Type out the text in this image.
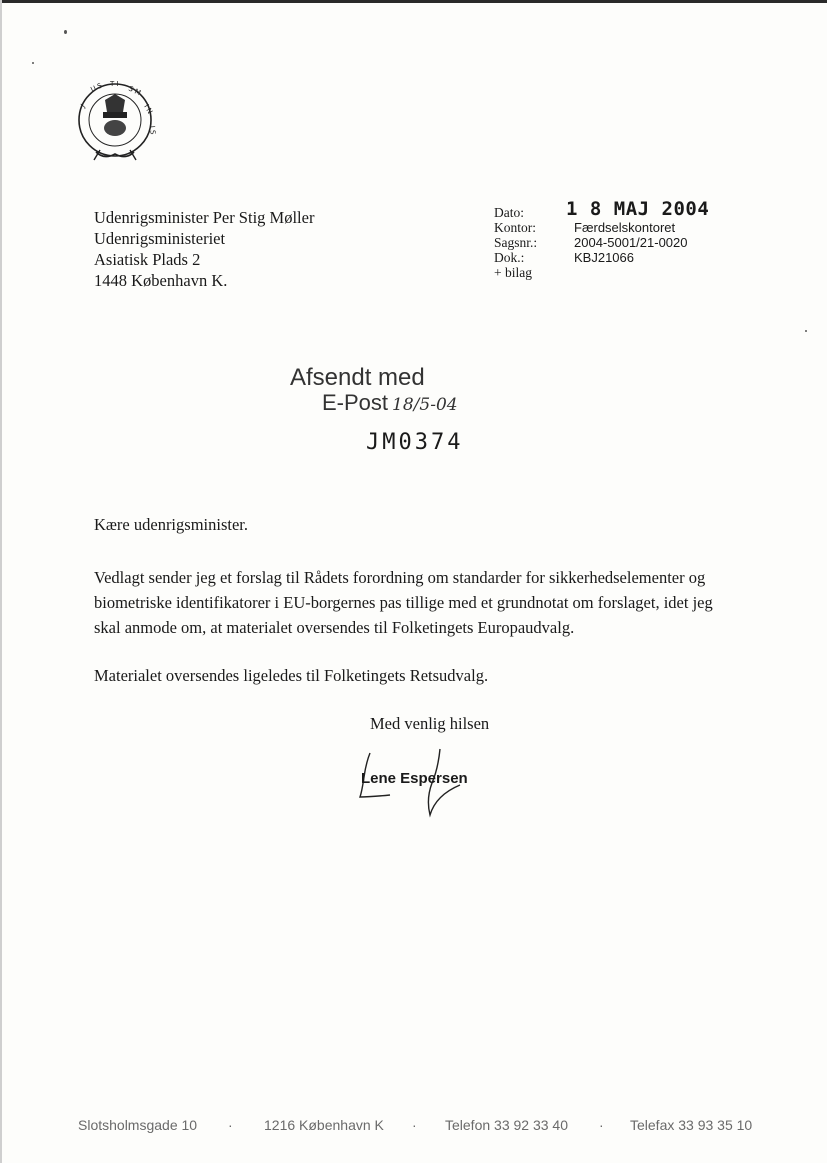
J
U S T I
S M
I N
I S
Udenrigsminister Per Stig Møller
Udenrigsministeriet
Asiatisk Plads 2
1448 København K.
Dato:	1 8 MAJ 2004
Kontor:	Færdselskontoret
Sagsnr.:	2004-5001/21-0020
Dok.:	KBJ21066
+ bilag
Afsendt med
E-Post 18/5-04
JM0374
Kære udenrigsminister.
Vedlagt sender jeg et forslag til Rådets forordning om standarder for sikkerhedselementer og
biometriske identifikatorer i EU-borgernes pas tillige med et grundnotat om forslaget, idet jeg
skal anmode om, at materialet oversendes til Folketingets Europaudvalg.
Materialet oversendes ligeledes til Folketingets Retsudvalg.
Med venlig hilsen
Lene Espersen
Slotsholmsgade 10 · 1216 København K · Telefon 33 92 33 40 · Telefax 33 93 35 10
